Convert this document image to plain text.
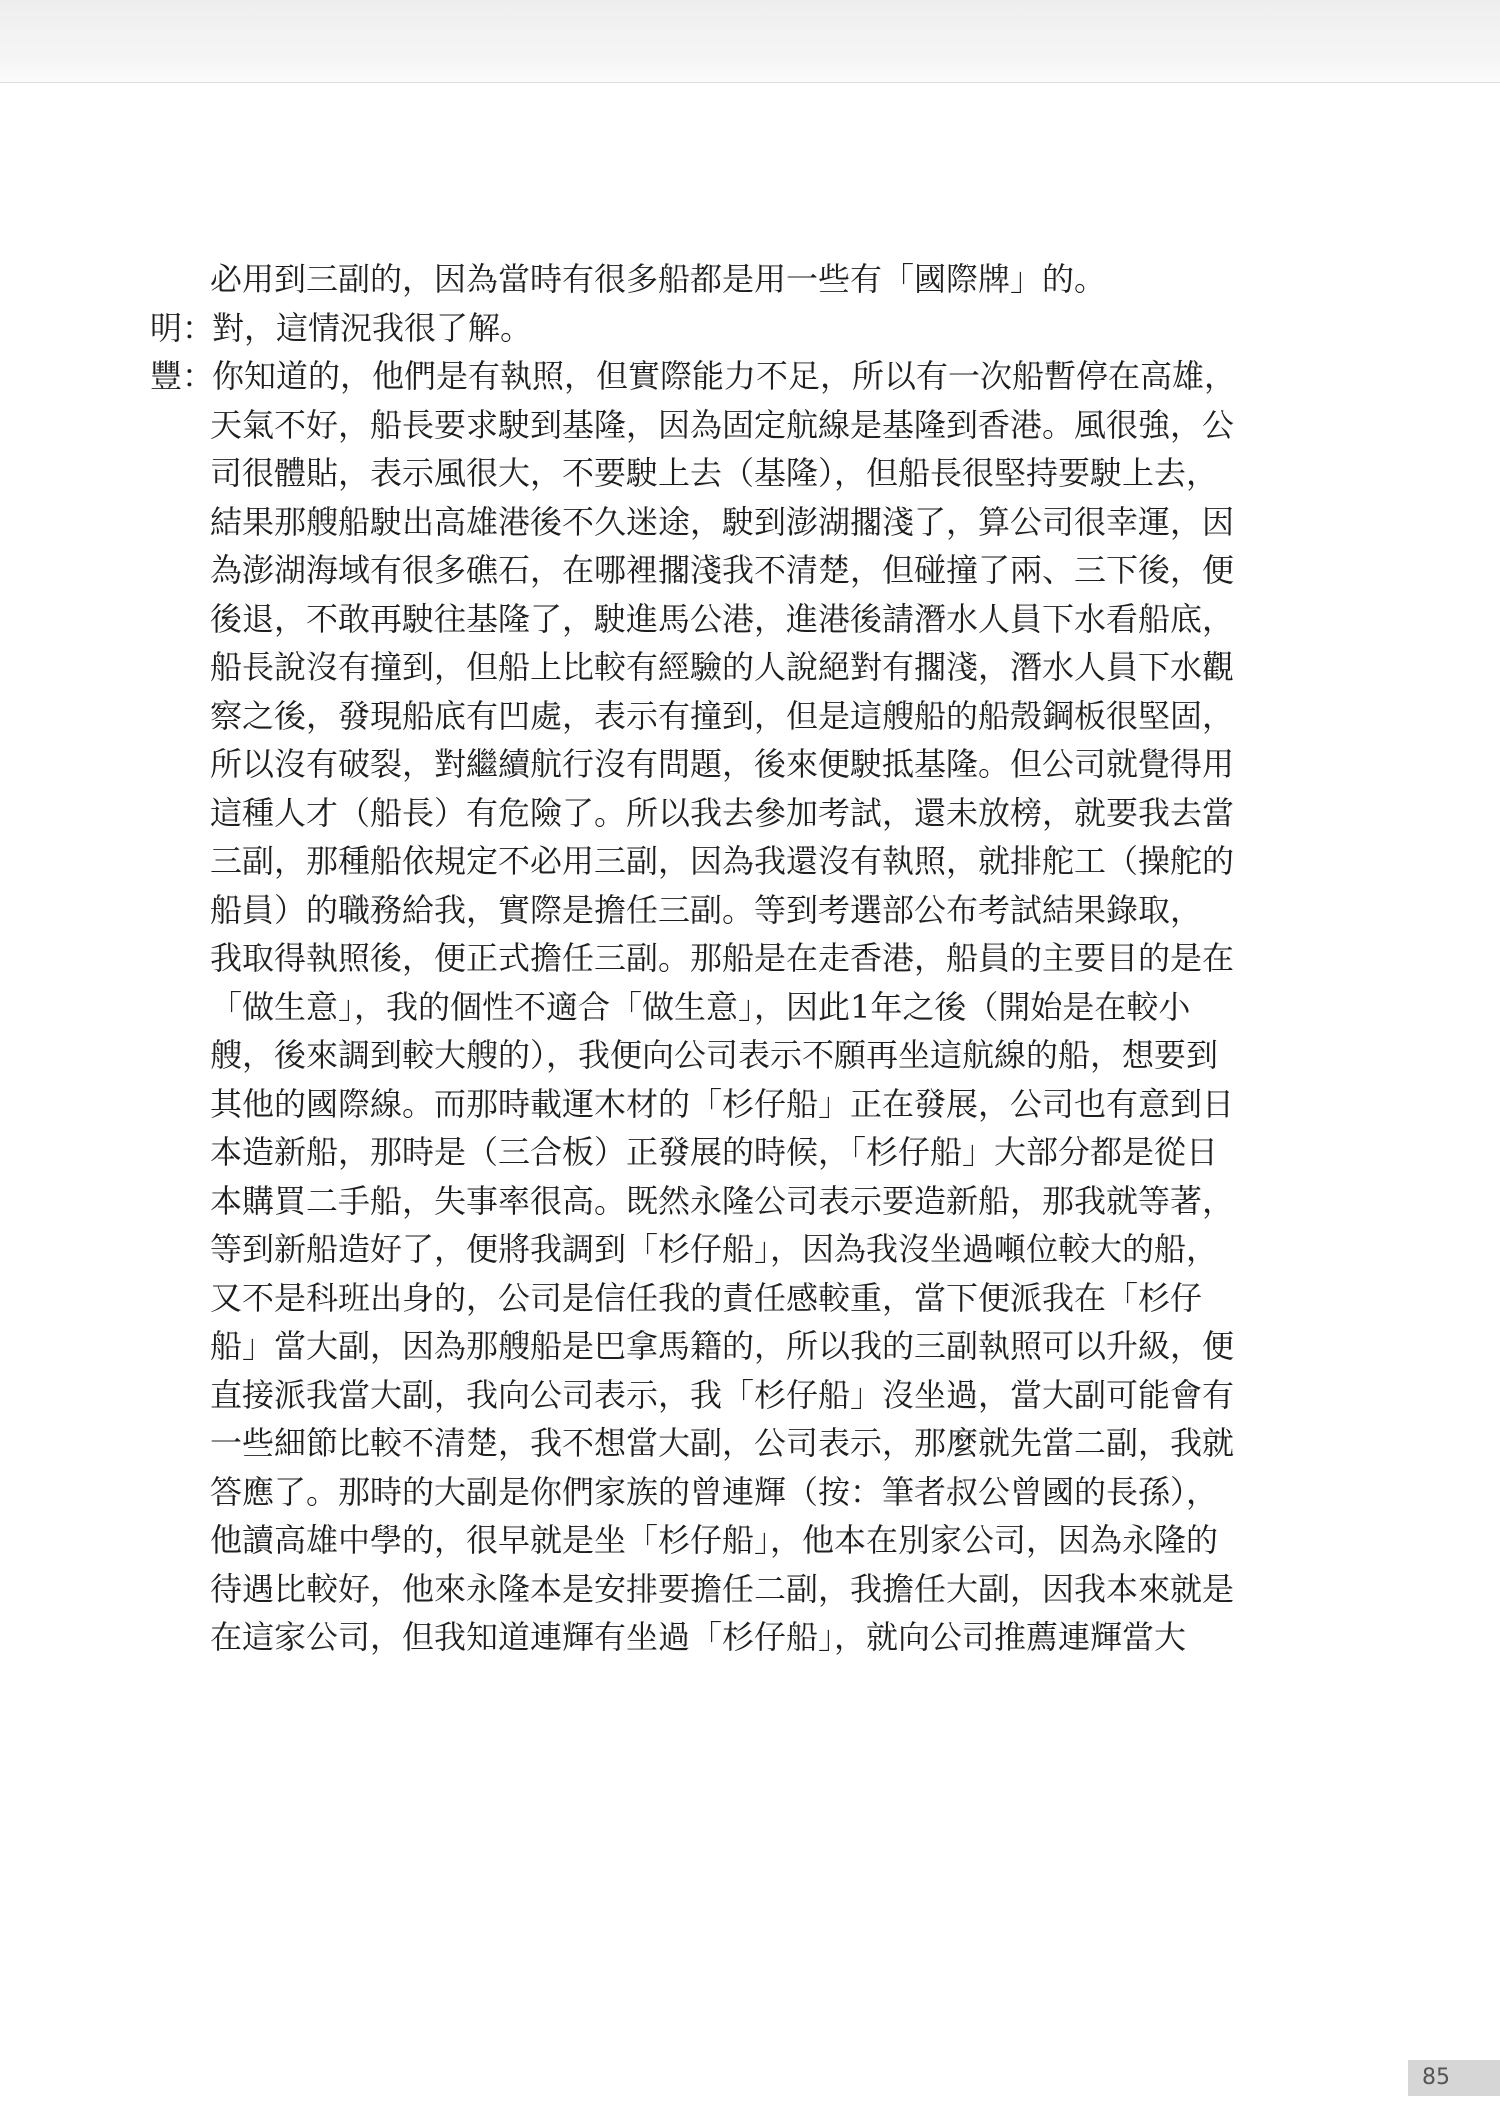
必用到三副的，因為當時有很多船都是用一些有「國際牌」的。
明：對，這情況我很了解。
豐：你知道的，他們是有執照，但實際能力不足，所以有一次船暫停在高雄，
天氣不好，船長要求駛到基隆，因為固定航線是基隆到香港。風很強，公
司很體貼，表示風很大，不要駛上去（基隆），但船長很堅持要駛上去，
結果那艘船駛出高雄港後不久迷途，駛到澎湖擱淺了，算公司很幸運，因
為澎湖海域有很多礁石，在哪裡擱淺我不清楚，但碰撞了兩、三下後，便
後退，不敢再駛往基隆了，駛進馬公港，進港後請潛水人員下水看船底，
船長說沒有撞到，但船上比較有經驗的人說絕對有擱淺，潛水人員下水觀
察之後，發現船底有凹處，表示有撞到，但是這艘船的船殼鋼板很堅固，
所以沒有破裂，對繼續航行沒有問題，後來便駛抵基隆。但公司就覺得用
這種人才（船長）有危險了。所以我去參加考試，還未放榜，就要我去當
三副，那種船依規定不必用三副，因為我還沒有執照，就排舵工（操舵的
船員）的職務給我，實際是擔任三副。等到考選部公布考試結果錄取，
我取得執照後，便正式擔任三副。那船是在走香港，船員的主要目的是在
「做生意」，我的個性不適合「做生意」，因此1年之後（開始是在較小
艘，後來調到較大艘的），我便向公司表示不願再坐這航線的船，想要到
其他的國際線。而那時載運木材的「杉仔船」正在發展，公司也有意到日
本造新船，那時是（三合板）正發展的時候，「杉仔船」大部分都是從日
本購買二手船，失事率很高。既然永隆公司表示要造新船，那我就等著，
等到新船造好了，便將我調到「杉仔船」，因為我沒坐過噸位較大的船，
又不是科班出身的，公司是信任我的責任感較重，當下便派我在「杉仔
船」當大副，因為那艘船是巴拿馬籍的，所以我的三副執照可以升級，便
直接派我當大副，我向公司表示，我「杉仔船」沒坐過，當大副可能會有
一些細節比較不清楚，我不想當大副，公司表示，那麼就先當二副，我就
答應了。那時的大副是你們家族的曾連輝（按：筆者叔公曾國的長孫），
他讀高雄中學的，很早就是坐「杉仔船」，他本在別家公司，因為永隆的
待遇比較好，他來永隆本是安排要擔任二副，我擔任大副，因我本來就是
在這家公司，但我知道連輝有坐過「杉仔船」，就向公司推薦連輝當大
85
